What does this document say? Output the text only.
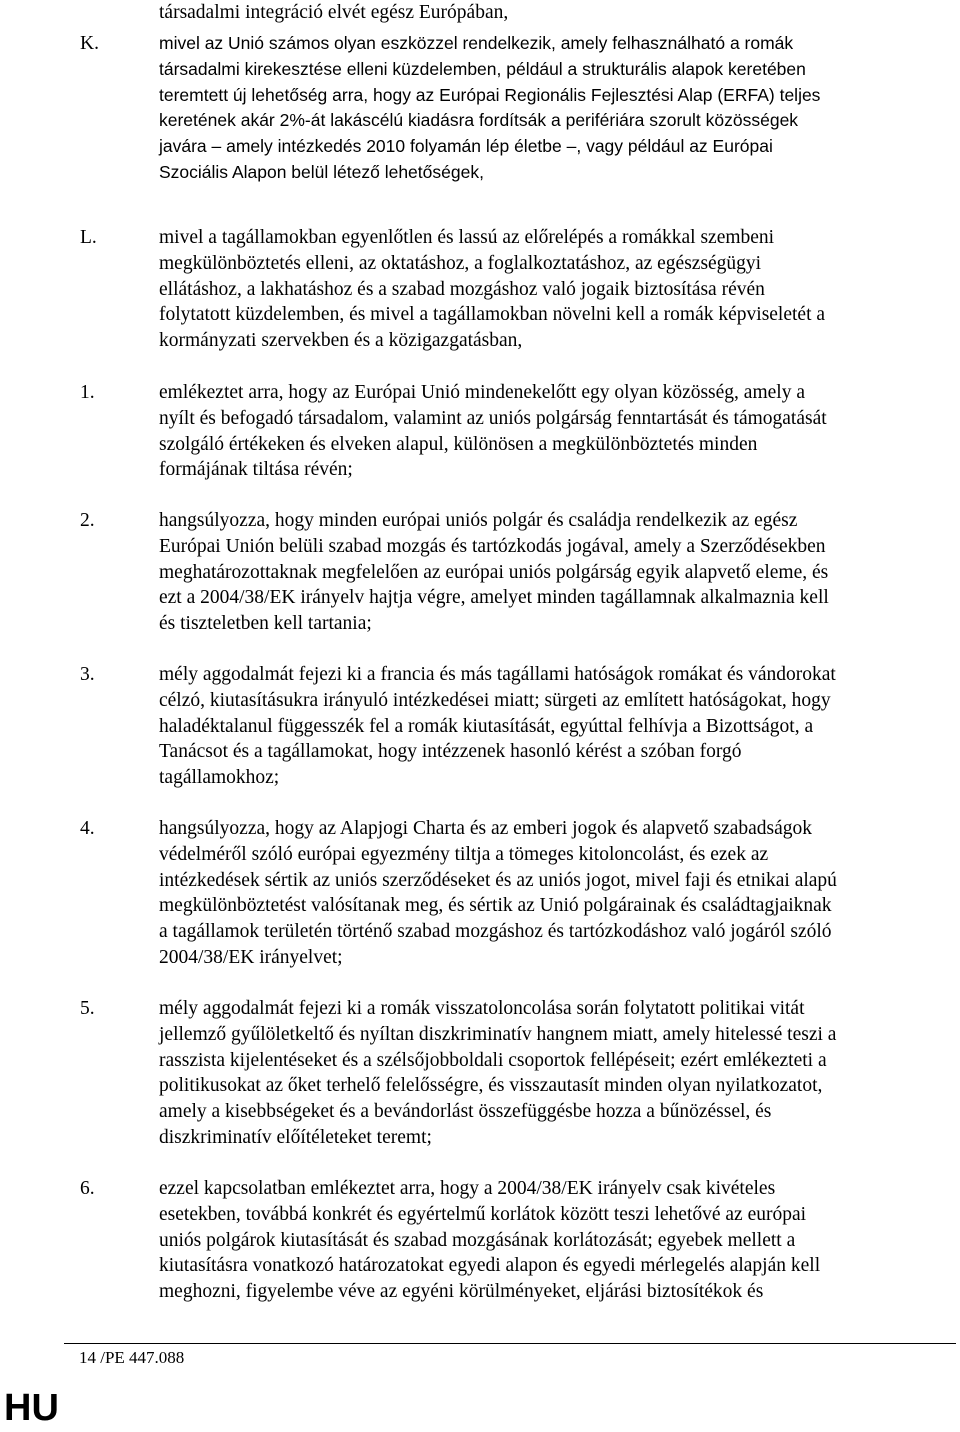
társadalmi integráció elvét egész Európában,
K.	mivel az Unió számos olyan eszközzel rendelkezik, amely felhasználható a romák
társadalmi kirekesztése elleni küzdelemben, például a strukturális alapok keretében
teremtett új lehetőség arra, hogy az Európai Regionális Fejlesztési Alap (ERFA) teljes
keretének akár 2%-át lakáscélú kiadásra fordítsák a perifériára szorult közösségek
javára – amely intézkedés 2010 folyamán lép életbe –, vagy például az Európai
Szociális Alapon belül létező lehetőségek,
L.	mivel a tagállamokban egyenlőtlen és lassú az előrelépés a romákkal szembeni
megkülönböztetés elleni, az oktatáshoz, a foglalkoztatáshoz, az egészségügyi
ellátáshoz, a lakhatáshoz és a szabad mozgáshoz való jogaik biztosítása révén
folytatott küzdelemben, és mivel a tagállamokban növelni kell a romák képviseletét a
kormányzati szervekben és a közigazgatásban,
1.	emlékeztet arra, hogy az Európai Unió mindenekelőtt egy olyan közösség, amely a
nyílt és befogadó társadalom, valamint az uniós polgárság fenntartását és támogatását
szolgáló értékeken és elveken alapul, különösen a megkülönböztetés minden
formájának tiltása révén;
2.	hangsúlyozza, hogy minden európai uniós polgár és családja rendelkezik az egész
Európai Unión belüli szabad mozgás és tartózkodás jogával, amely a Szerződésekben
meghatározottaknak megfelelően az európai uniós polgárság egyik alapvető eleme, és
ezt a 2004/38/EK irányelv hajtja végre, amelyet minden tagállamnak alkalmaznia kell
és tiszteletben kell tartania;
3.	mély aggodalmát fejezi ki a francia és más tagállami hatóságok romákat és vándorokat
célzó, kiutasításukra irányuló intézkedései miatt; sürgeti az említett hatóságokat, hogy
haladéktalanul függesszék fel a romák kiutasítását, egyúttal felhívja a Bizottságot, a
Tanácsot és a tagállamokat, hogy intézzenek hasonló kérést a szóban forgó
tagállamokhoz;
4.	hangsúlyozza, hogy az Alapjogi Charta és az emberi jogok és alapvető szabadságok
védelméről szóló európai egyezmény tiltja a tömeges kitoloncolást, és ezek az
intézkedések sértik az uniós szerződéseket és az uniós jogot, mivel faji és etnikai alapú
megkülönböztetést valósítanak meg, és sértik az Unió polgárainak és családtagjaiknak
a tagállamok területén történő szabad mozgáshoz és tartózkodáshoz való jogáról szóló
2004/38/EK irányelvet;
5.	mély aggodalmát fejezi ki a romák visszatoloncolása során folytatott politikai vitát
jellemző gyűlöletkeltő és nyíltan diszkriminatív hangnem miatt, amely hitelessé teszi a
rasszista kijelentéseket és a szélsőjobboldali csoportok fellépéseit; ezért emlékezteti a
politikusokat az őket terhelő felelősségre, és visszautasít minden olyan nyilatkozatot,
amely a kisebbségeket és a bevándorlást összefüggésbe hozza a bűnözéssel, és
diszkriminatív előítéleteket teremt;
6.	ezzel kapcsolatban emlékeztet arra, hogy a 2004/38/EK irányelv csak kivételes
esetekben, továbbá konkrét és egyértelmű korlátok között teszi lehetővé az európai
uniós polgárok kiutasítását és szabad mozgásának korlátozását; egyebek mellett a
kiutasításra vonatkozó határozatokat egyedi alapon és egyedi mérlegelés alapján kell
meghozni, figyelembe véve az egyéni körülményeket, eljárási biztosítékok és
14 /PE 447.088
HU
